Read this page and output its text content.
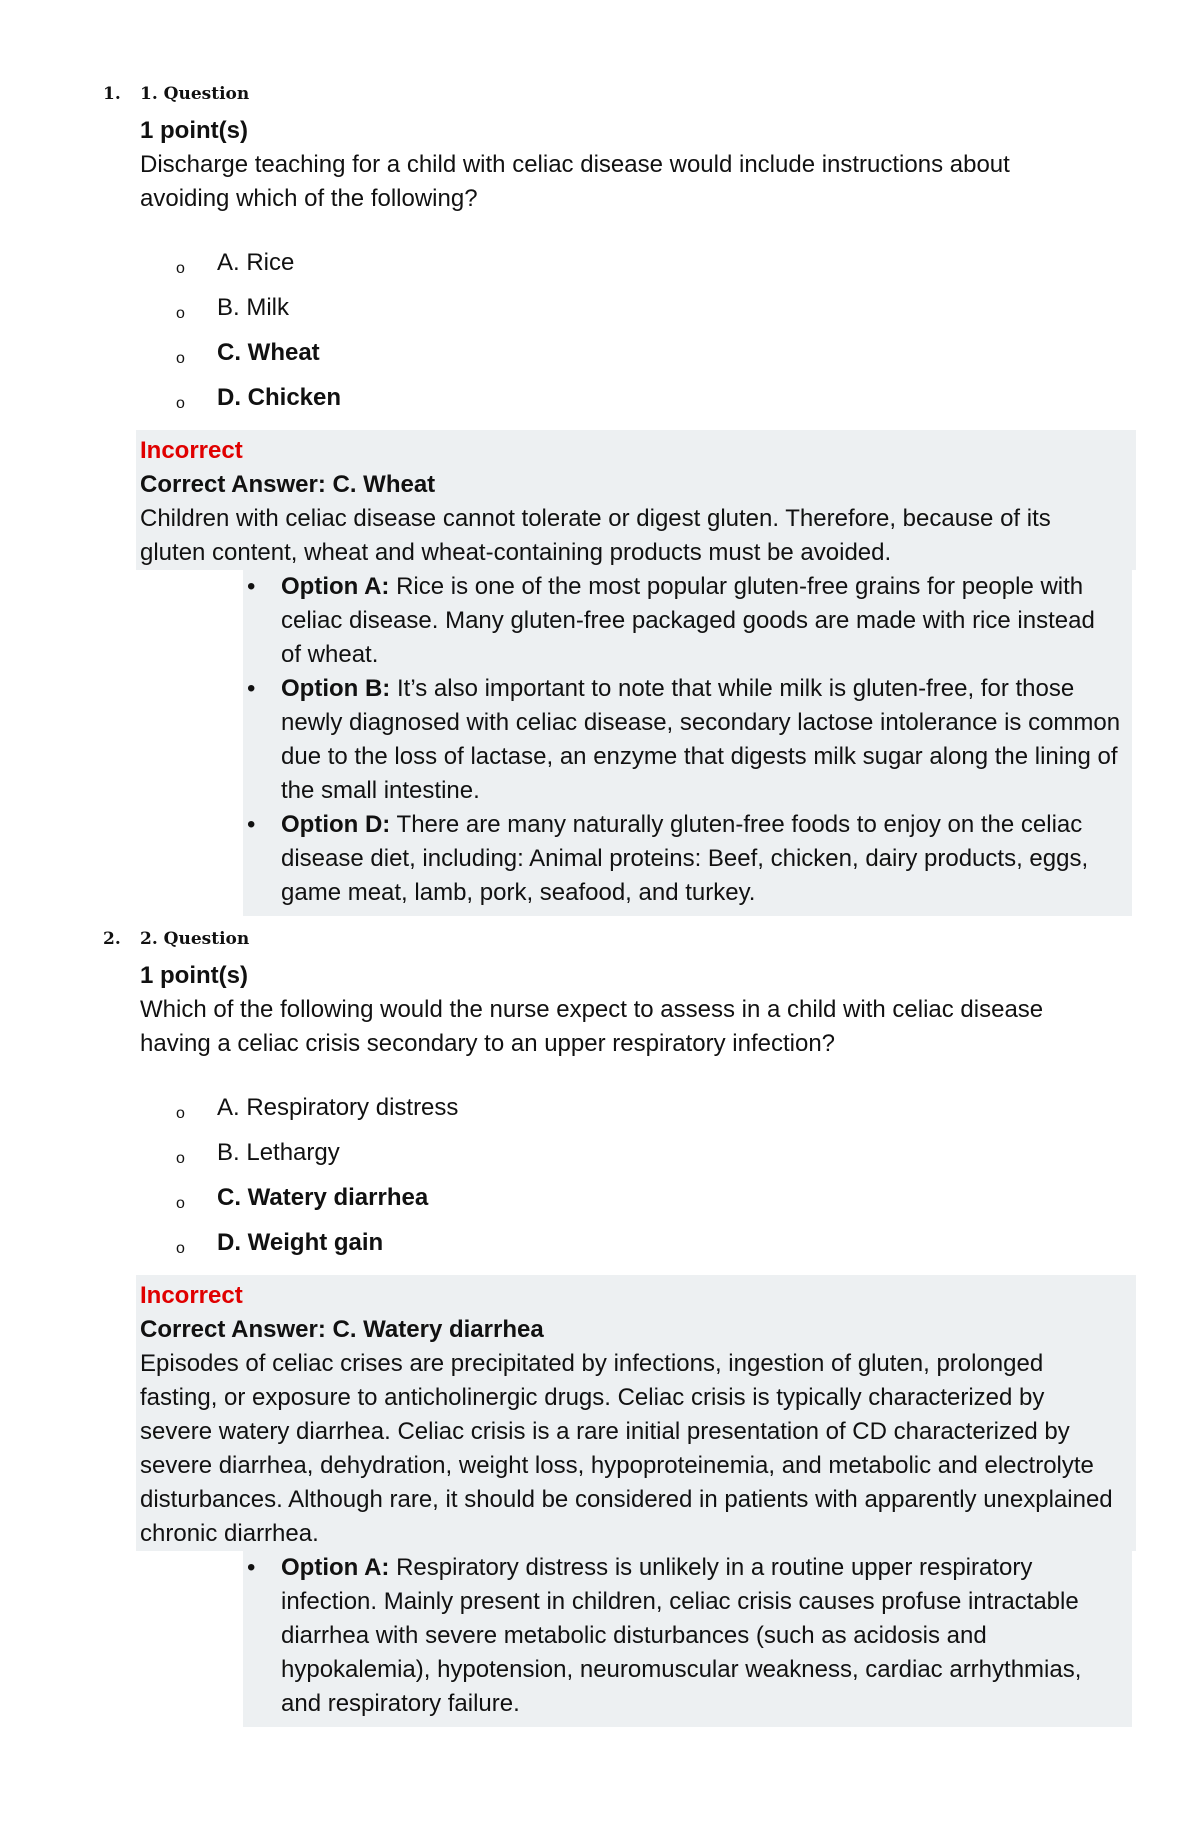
1. 1. Question
1 point(s)
Discharge teaching for a child with celiac disease would include instructions about avoiding which of the following?
o A. Rice
o B. Milk
o C. Wheat
o D. Chicken
Incorrect
Correct Answer: C. Wheat
Children with celiac disease cannot tolerate or digest gluten. Therefore, because of its gluten content, wheat and wheat-containing products must be avoided.
• Option A: Rice is one of the most popular gluten-free grains for people with celiac disease. Many gluten-free packaged goods are made with rice instead of wheat.
• Option B: It’s also important to note that while milk is gluten-free, for those newly diagnosed with celiac disease, secondary lactose intolerance is common due to the loss of lactase, an enzyme that digests milk sugar along the lining of the small intestine.
• Option D: There are many naturally gluten-free foods to enjoy on the celiac disease diet, including: Animal proteins: Beef, chicken, dairy products, eggs, game meat, lamb, pork, seafood, and turkey.
2. 2. Question
1 point(s)
Which of the following would the nurse expect to assess in a child with celiac disease having a celiac crisis secondary to an upper respiratory infection?
o A. Respiratory distress
o B. Lethargy
o C. Watery diarrhea
o D. Weight gain
Incorrect
Correct Answer: C. Watery diarrhea
Episodes of celiac crises are precipitated by infections, ingestion of gluten, prolonged fasting, or exposure to anticholinergic drugs. Celiac crisis is typically characterized by severe watery diarrhea. Celiac crisis is a rare initial presentation of CD characterized by severe diarrhea, dehydration, weight loss, hypoproteinemia, and metabolic and electrolyte disturbances. Although rare, it should be considered in patients with apparently unexplained chronic diarrhea.
• Option A: Respiratory distress is unlikely in a routine upper respiratory infection. Mainly present in children, celiac crisis causes profuse intractable diarrhea with severe metabolic disturbances (such as acidosis and hypokalemia), hypotension, neuromuscular weakness, cardiac arrhythmias, and respiratory failure.
